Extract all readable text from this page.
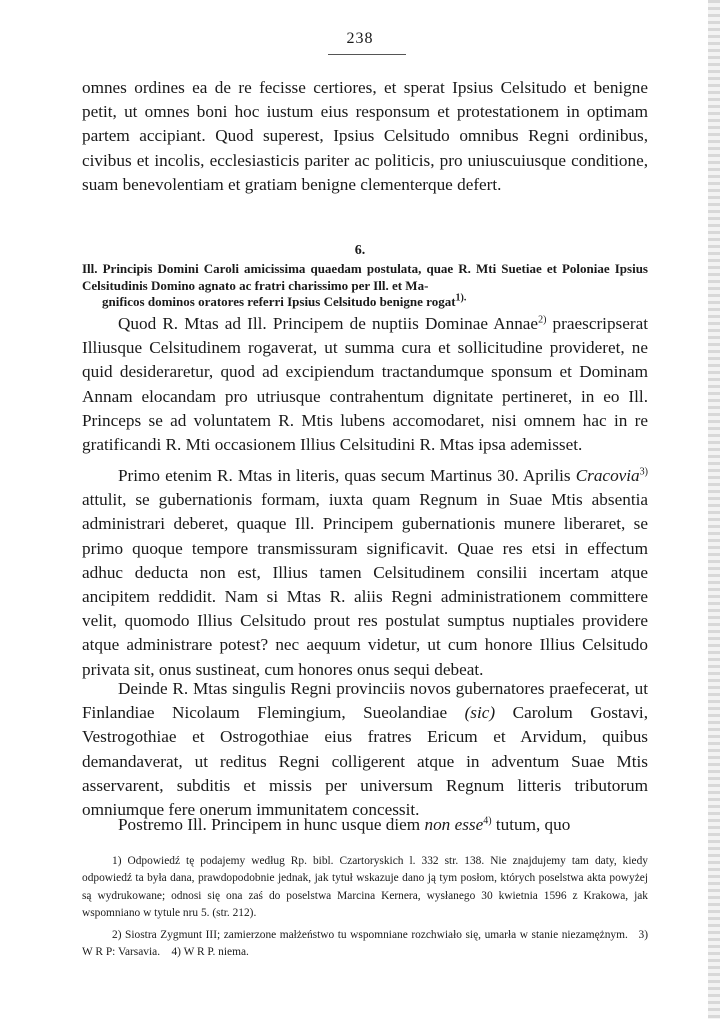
238

omnes ordines ea de re fecisse certiores, et sperat Ipsius Celsitudo et benigne petit, ut omnes boni hoc iustum eius responsum et protestationem in optimam partem accipiant. Quod superest, Ipsius Celsitudo omnibus Regni ordinibus, civibus et incolis, ecclesiasticis pariter ac politicis, pro uniuscuiusque conditione, suam benevolentiam et gratiam benigne clementerque defert.

6.
Ill. Principis Domini Caroli amicissima quaedam postulata, quae R. Mti Suetiae et Poloniae Ipsius Celsitudinis Domino agnato ac fratri charissimo per Ill. et Ma-
gnificos dominos oratores referri Ipsius Celsitudo benigne rogat$^{1).}$

Quod R. Mtas ad Ill. Principem de nuptiis Dominae Annae$^{2)}$ praescripserat Illiusque Celsitudinem rogaverat, ut summa cura et sollicitudine provideret, ne quid desideraretur, quod ad excipiendum tractandumque sponsum et Dominam Annam elocandam pro utriusque contrahentum dignitate pertineret, in eo Ill. Princeps se ad voluntatem R. Mtis lubens accomodaret, nisi omnem hac in re gratificandi R. Mti occasionem Illius Celsitudini R. Mtas ipsa ademisset.

Primo etenim R. Mtas in literis, quas secum Martinus 30. Aprilis Cracovia$^{3)}$ attulit, se gubernationis formam, iuxta quam Regnum in Suae Mtis absentia administrari deberet, quaque Ill. Principem gubernationis munere liberaret, se primo quoque tempore transmissuram significavit. Quae res etsi in effectum adhuc deducta non est, Illius tamen Celsitudinem consilii incertam atque ancipitem reddidit. Nam si Mtas R. aliis Regni administrationem committere velit, quomodo Illius Celsitudo prout res postulat sumptus nuptiales providere atque administrare potest? nec aequum videtur, ut cum honore Illius Celsitudo privata sit, onus sustineat, cum honores onus sequi debeat.

Deinde R. Mtas singulis Regni provinciis novos gubernatores praefecerat, ut Finlandiae Nicolaum Flemingium, Sueolandiae (sic) Carolum Gostavi, Vestrogothiae et Ostrogothiae eius fratres Ericum et Arvidum, quibus demandaverat, ut reditus Regni colligerent atque in adventum Suae Mtis asservarent, subditis et missis per universum Regnum litteris tributorum omniumque fere onerum immunitatem concessit.

Postremo Ill. Principem in hunc usque diem non esse$^{4)}$ tutum, quo

1) Odpowiedź tę podajemy według Rp. bibl. Czartoryskich l. 332 str. 138. Nie znajdujemy tam daty, kiedy odpowiedź ta była dana, prawdopodobnie jednak, jak tytuł wskazuje dano ją tym posłom, których poselstwa akta powyżej są wydrukowane; odnosi się ona zaś do poselstwa Marcina Kernera, wysłanego 30 kwietnia 1596 z Krakowa, jak wspomniano w tytule nru 5. (str. 212).

2) Siostra Zygmunt III; zamierzone małżeństwo tu wspomniane rozchwiało się, umarła w stanie niezamężnym. 3) W R P: Varsavia. 4) W R P. niema.
